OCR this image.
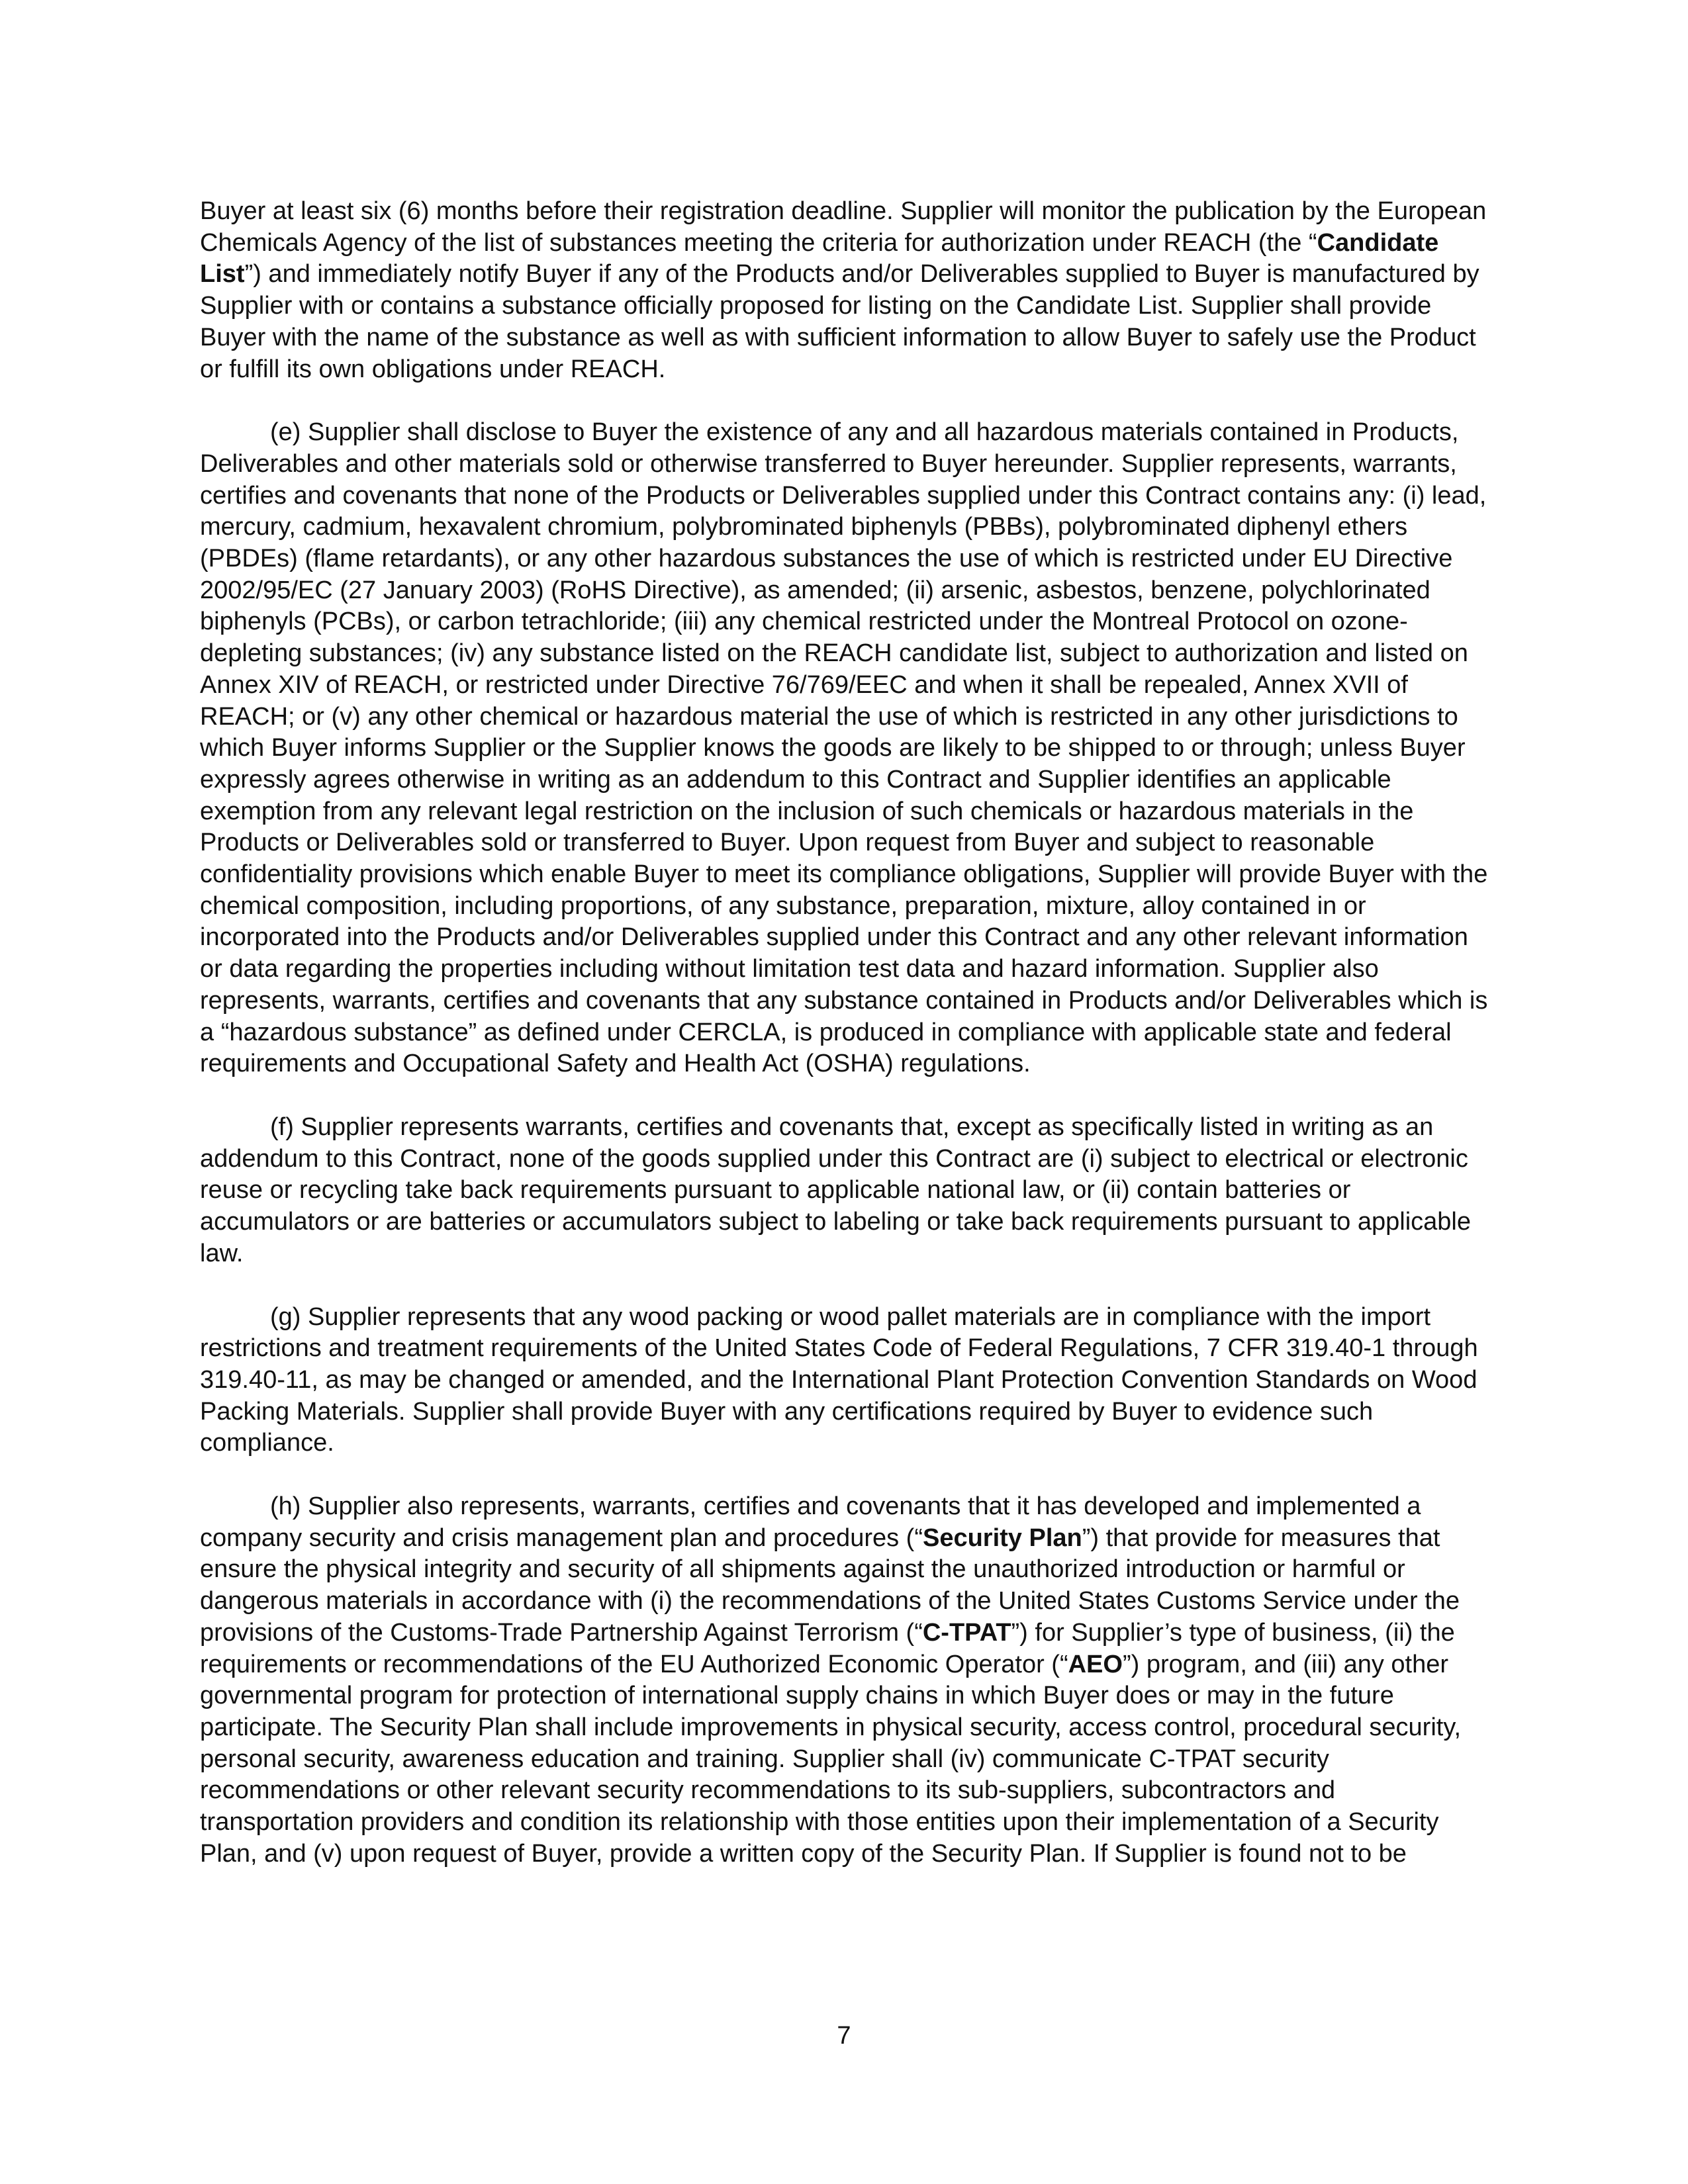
Buyer at least six (6) months before their registration deadline. Supplier will monitor the publication by the European Chemicals Agency of the list of substances meeting the criteria for authorization under REACH (the “Candidate List”) and immediately notify Buyer if any of the Products and/or Deliverables supplied to Buyer is manufactured by Supplier with or contains a substance officially proposed for listing on the Candidate List. Supplier shall provide Buyer with the name of the substance as well as with sufficient information to allow Buyer to safely use the Product or fulfill its own obligations under REACH.

(e) Supplier shall disclose to Buyer the existence of any and all hazardous materials contained in Products, Deliverables and other materials sold or otherwise transferred to Buyer hereunder. Supplier represents, warrants, certifies and covenants that none of the Products or Deliverables supplied under this Contract contains any: (i) lead, mercury, cadmium, hexavalent chromium, polybrominated biphenyls (PBBs), polybrominated diphenyl ethers (PBDEs) (flame retardants), or any other hazardous substances the use of which is restricted under EU Directive 2002/95/EC (27 January 2003) (RoHS Directive), as amended; (ii) arsenic, asbestos, benzene, polychlorinated biphenyls (PCBs), or carbon tetrachloride; (iii) any chemical restricted under the Montreal Protocol on ozone-depleting substances; (iv) any substance listed on the REACH candidate list, subject to authorization and listed on Annex XIV of REACH, or restricted under Directive 76/769/EEC and when it shall be repealed, Annex XVII of REACH; or (v) any other chemical or hazardous material the use of which is restricted in any other jurisdictions to which Buyer informs Supplier or the Supplier knows the goods are likely to be shipped to or through; unless Buyer expressly agrees otherwise in writing as an addendum to this Contract and Supplier identifies an applicable exemption from any relevant legal restriction on the inclusion of such chemicals or hazardous materials in the Products or Deliverables sold or transferred to Buyer. Upon request from Buyer and subject to reasonable confidentiality provisions which enable Buyer to meet its compliance obligations, Supplier will provide Buyer with the chemical composition, including proportions, of any substance, preparation, mixture, alloy contained in or incorporated into the Products and/or Deliverables supplied under this Contract and any other relevant information or data regarding the properties including without limitation test data and hazard information. Supplier also represents, warrants, certifies and covenants that any substance contained in Products and/or Deliverables which is a “hazardous substance” as defined under CERCLA, is produced in compliance with applicable state and federal requirements and Occupational Safety and Health Act (OSHA) regulations.

(f) Supplier represents warrants, certifies and covenants that, except as specifically listed in writing as an addendum to this Contract, none of the goods supplied under this Contract are (i) subject to electrical or electronic reuse or recycling take back requirements pursuant to applicable national law, or (ii) contain batteries or accumulators or are batteries or accumulators subject to labeling or take back requirements pursuant to applicable law.

(g) Supplier represents that any wood packing or wood pallet materials are in compliance with the import restrictions and treatment requirements of the United States Code of Federal Regulations, 7 CFR 319.40-1 through 319.40-11, as may be changed or amended, and the International Plant Protection Convention Standards on Wood Packing Materials. Supplier shall provide Buyer with any certifications required by Buyer to evidence such compliance.

(h) Supplier also represents, warrants, certifies and covenants that it has developed and implemented a company security and crisis management plan and procedures (“Security Plan”) that provide for measures that ensure the physical integrity and security of all shipments against the unauthorized introduction or harmful or dangerous materials in accordance with (i) the recommendations of the United States Customs Service under the provisions of the Customs-Trade Partnership Against Terrorism (“C-TPAT”) for Supplier’s type of business, (ii) the requirements or recommendations of the EU Authorized Economic Operator (“AEO”) program, and (iii) any other governmental program for protection of international supply chains in which Buyer does or may in the future participate. The Security Plan shall include improvements in physical security, access control, procedural security, personal security, awareness education and training. Supplier shall (iv) communicate C-TPAT security recommendations or other relevant security recommendations to its sub-suppliers, subcontractors and transportation providers and condition its relationship with those entities upon their implementation of a Security Plan, and (v) upon request of Buyer, provide a written copy of the Security Plan. If Supplier is found not to be

7
